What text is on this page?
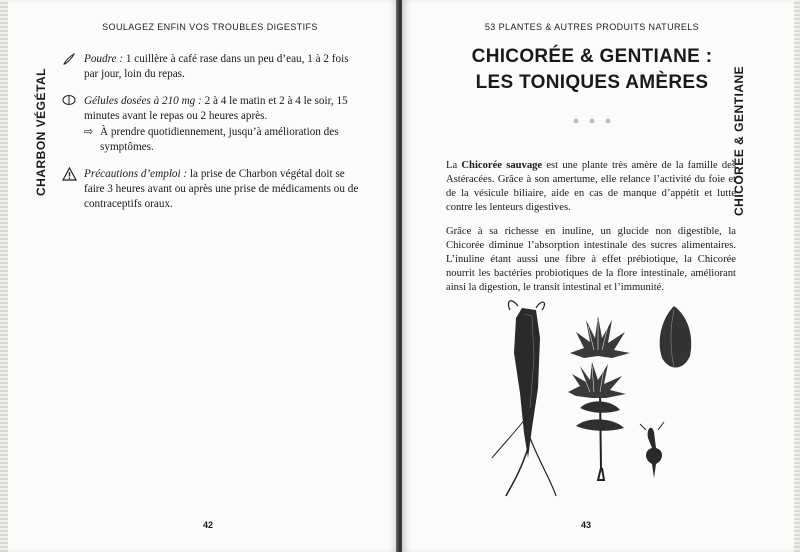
SOULAGEZ ENFIN VOS TROUBLES DIGESTIFS
CHARBON VÉGÉTAL
Poudre : 1 cuillère à café rase dans un peu d’eau, 1 à 2 fois par jour, loin du repas.
Gélules dosées à 210 mg : 2 à 4 le matin et 2 à 4 le soir, 15 minutes avant le repas ou 2 heures après.
⇨ À prendre quotidiennement, jusqu’à amélioration des symptômes.
Précautions d’emploi : la prise de Charbon végétal doit se faire 3 heures avant ou après une prise de médicaments ou de contraceptifs oraux.
42
53 PLANTES & AUTRES PRODUITS NATURELS
CHICORÉE & GENTIANE
CHICORÉE & GENTIANE :
LES TONIQUES AMÈRES

La Chicorée sauvage est une plante très amère de la famille des Astéracées. Grâce à son amertume, elle relance l’activité du foie et de la vésicule biliaire, aide en cas de manque d’appétit et lutte contre les lenteurs digestives.

Grâce à sa richesse en inuline, un glucide non digestible, la Chicorée diminue l’absorption intestinale des sucres alimentaires. L’inuline étant aussi une fibre à effet prébiotique, la Chicorée nourrit les bactéries probiotiques de la flore intestinale, améliorant ainsi la digestion, le transit intestinal et l’immunité.

43
